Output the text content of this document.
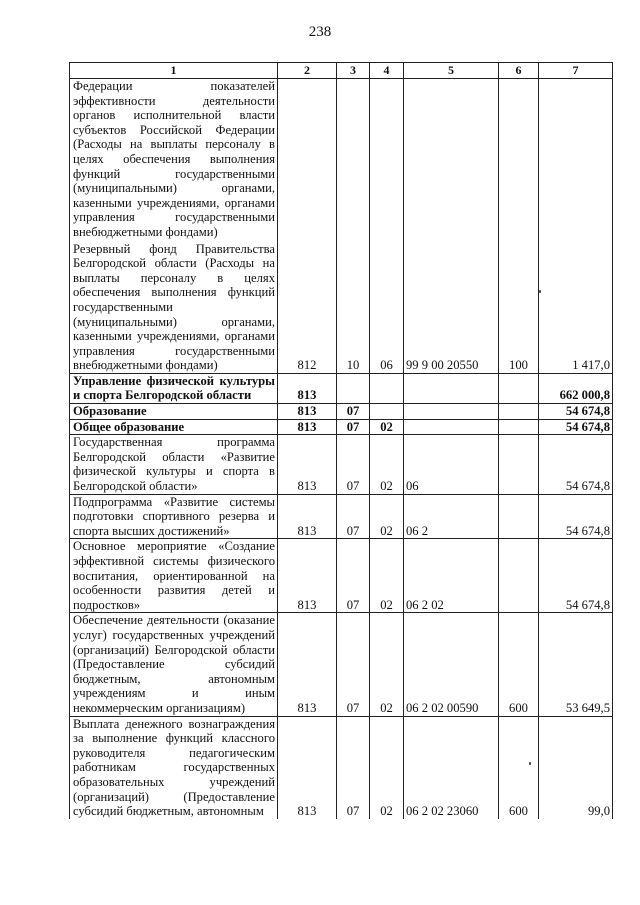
238
1	2	3	4	5	6	7

Федерации показателей эффективности деятельности органов исполнительной власти субъектов Российской Федерации (Расходы на выплаты персоналу в целях обеспечения выполнения функций государственными (муниципальными) органами, казенными учреждениями, органами управления государственными внебюджетными фондами)
Резервный фонд Правительства Белгородской области (Расходы на выплаты персоналу в целях обеспечения выполнения функций государственными (муниципальными) органами, казенными учреждениями, органами управления государственными внебюджетными фондами)	812	10	06	99 9 00 20550	100	1 417,0

Управление физической культуры и спорта Белгородской области	813					662 000,8

Образование	813	07				54 674,8

Общее образование	813	07	02			54 674,8

Государственная программа Белгородской области «Развитие физической культуры и спорта в Белгородской области»	813	07	02	06		54 674,8

Подпрограмма «Развитие системы подготовки спортивного резерва и спорта высших достижений»	813	07	02	06 2		54 674,8

Основное мероприятие «Создание эффективной системы физического воспитания, ориентированной на особенности развития детей и подростков»	813	07	02	06 2 02		54 674,8

Обеспечение деятельности (оказание услуг) государственных учреждений (организаций) Белгородской области (Предоставление субсидий бюджетным, автономным учреждениям и иным некоммерческим организациям)	813	07	02	06 2 02 00590	600	53 649,5

Выплата денежного вознаграждения за выполнение функций классного руководителя педагогическим работникам государственных образовательных учреждений (организаций) (Предоставление субсидий бюджетным, автономным	813	07	02	06 2 02 23060	600	99,0
